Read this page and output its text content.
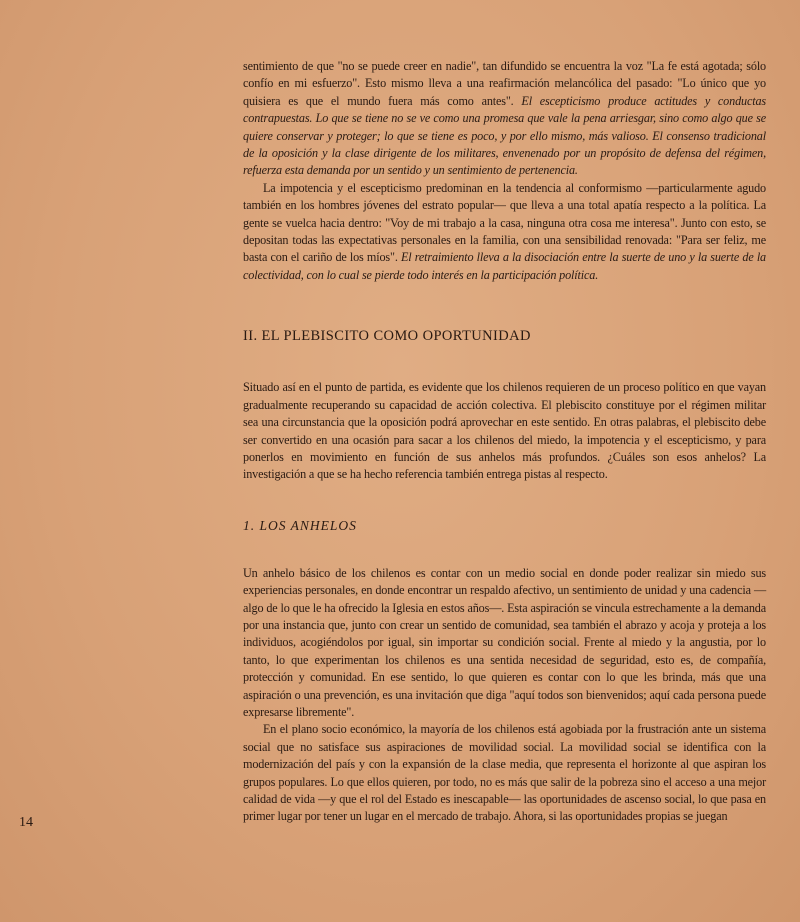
sentimiento de que "no se puede creer en nadie", tan difundido se encuentra la voz "La fe está agotada; sólo confío en mi esfuerzo". Esto mismo lleva a una reafirmación melancólica del pasado: "Lo único que yo quisiera es que el mundo fuera más como antes". El escepticismo produce actitudes y conductas contrapuestas. Lo que se tiene no se ve como una promesa que vale la pena arriesgar, sino como algo que se quiere conservar y proteger; lo que se tiene es poco, y por ello mismo, más valioso. El consenso tradicional de la oposición y la clase dirigente de los militares, envenenado por un propósito de defensa del régimen, refuerza esta demanda por un sentido y un sentimiento de pertenencia.

La impotencia y el escepticismo predominan en la tendencia al conformismo —particularmente agudo también en los hombres jóvenes del estrato popular— que lleva a una total apatía respecto a la política. La gente se vuelca hacia dentro: "Voy de mi trabajo a la casa, ninguna otra cosa me interesa". Junto con esto, se depositan todas las expectativas personales en la familia, con una sensibilidad renovada: "Para ser feliz, me basta con el cariño de los míos". El retraimiento lleva a la disociación entre la suerte de uno y la suerte de la colectividad, con lo cual se pierde todo interés en la participación política.

II. EL PLEBISCITO COMO OPORTUNIDAD

Situado así en el punto de partida, es evidente que los chilenos requieren de un proceso político en que vayan gradualmente recuperando su capacidad de acción colectiva. El plebiscito constituye por el régimen militar sea una circunstancia que la oposición podrá aprovechar en este sentido. En otras palabras, el plebiscito debe ser convertido en una ocasión para sacar a los chilenos del miedo, la impotencia y el escepticismo, y para ponerlos en movimiento en función de sus anhelos más profundos. ¿Cuáles son esos anhelos? La investigación a que se ha hecho referencia también entrega pistas al respecto.

1. LOS ANHELOS

Un anhelo básico de los chilenos es contar con un medio social en donde poder realizar sin miedo sus experiencias personales, en donde encontrar un respaldo afectivo, un sentimiento de unidad y una cadencia —algo de lo que le ha ofrecido la Iglesia en estos años—. Esta aspiración se vincula estrechamente a la demanda por una instancia que, junto con crear un sentido de comunidad, sea también el abrazo y acoja y proteja a los individuos, acogiéndolos por igual, sin importar su condición social. Frente al miedo y la angustia, por lo tanto, lo que experimentan los chilenos es una sentida necesidad de seguridad, esto es, de compañía, protección y comunidad. En ese sentido, lo que quieren es contar con lo que les brinda, más que una aspiración o una prevención, es una invitación que diga "aquí todos son bienvenidos; aquí cada persona puede expresarse libremente".

En el plano socio económico, la mayoría de los chilenos está agobiada por la frustración ante un sistema social que no satisface sus aspiraciones de movilidad social. La movilidad social se identifica con la modernización del país y con la expansión de la clase media, que representa el horizonte al que aspiran los grupos populares. Lo que ellos quieren, por todo, no es más que salir de la pobreza sino el acceso a una mejor calidad de vida —y que el rol del Estado es inescapable— las oportunidades de ascenso social, lo que pasa en primer lugar por tener un lugar en el mercado de trabajo. Ahora, si las oportunidades propias se juegan

14
